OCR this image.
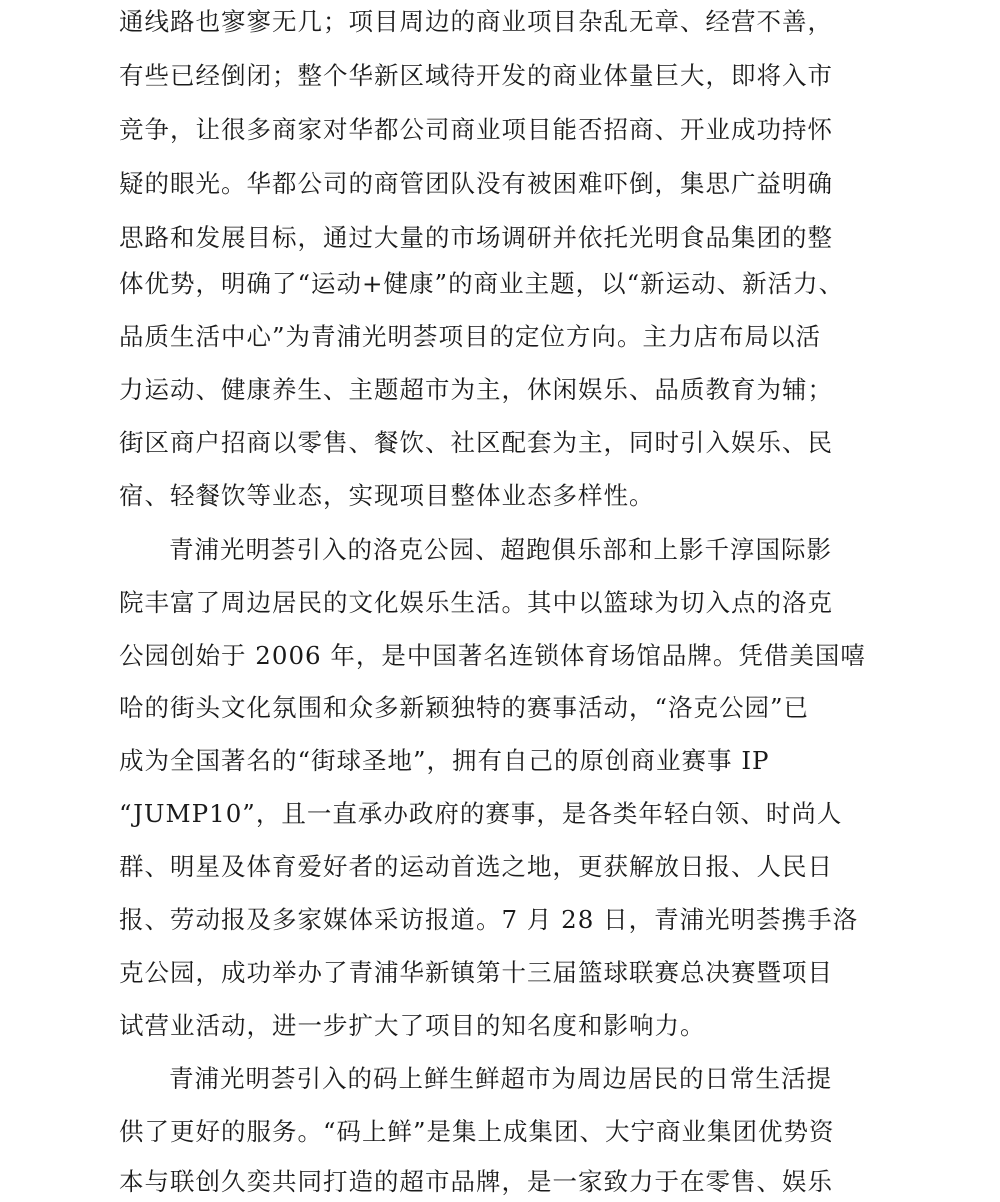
通线路也寥寥无几；项目周边的商业项目杂乱无章、经营不善，
有些已经倒闭；整个华新区域待开发的商业体量巨大，即将入市
竞争，让很多商家对华都公司商业项目能否招商、开业成功持怀
疑的眼光。华都公司的商管团队没有被困难吓倒，集思广益明确
思路和发展目标，通过大量的市场调研并依托光明食品集团的整
体优势，明确了“运动+健康”的商业主题，以“新运动、新活力、
品质生活中心”为青浦光明荟项目的定位方向。主力店布局以活
力运动、健康养生、主题超市为主，休闲娱乐、品质教育为辅；
街区商户招商以零售、餐饮、社区配套为主，同时引入娱乐、民
宿、轻餐饮等业态，实现项目整体业态多样性。
青浦光明荟引入的洛克公园、超跑俱乐部和上影千淳国际影
院丰富了周边居民的文化娱乐生活。其中以篮球为切入点的洛克
公园创始于 2006 年，是中国著名连锁体育场馆品牌。凭借美国嘻
哈的街头文化氛围和众多新颖独特的赛事活动，“洛克公园”已
成为全国著名的“街球圣地”，拥有自己的原创商业赛事 IP
“JUMP10”，且一直承办政府的赛事，是各类年轻白领、时尚人
群、明星及体育爱好者的运动首选之地，更获解放日报、人民日
报、劳动报及多家媒体采访报道。7 月 28 日，青浦光明荟携手洛
克公园，成功举办了青浦华新镇第十三届篮球联赛总决赛暨项目
试营业活动，进一步扩大了项目的知名度和影响力。
青浦光明荟引入的码上鲜生鲜超市为周边居民的日常生活提
供了更好的服务。“码上鲜”是集上成集团、大宁商业集团优势资
本与联创久奕共同打造的超市品牌，是一家致力于在零售、娱乐
